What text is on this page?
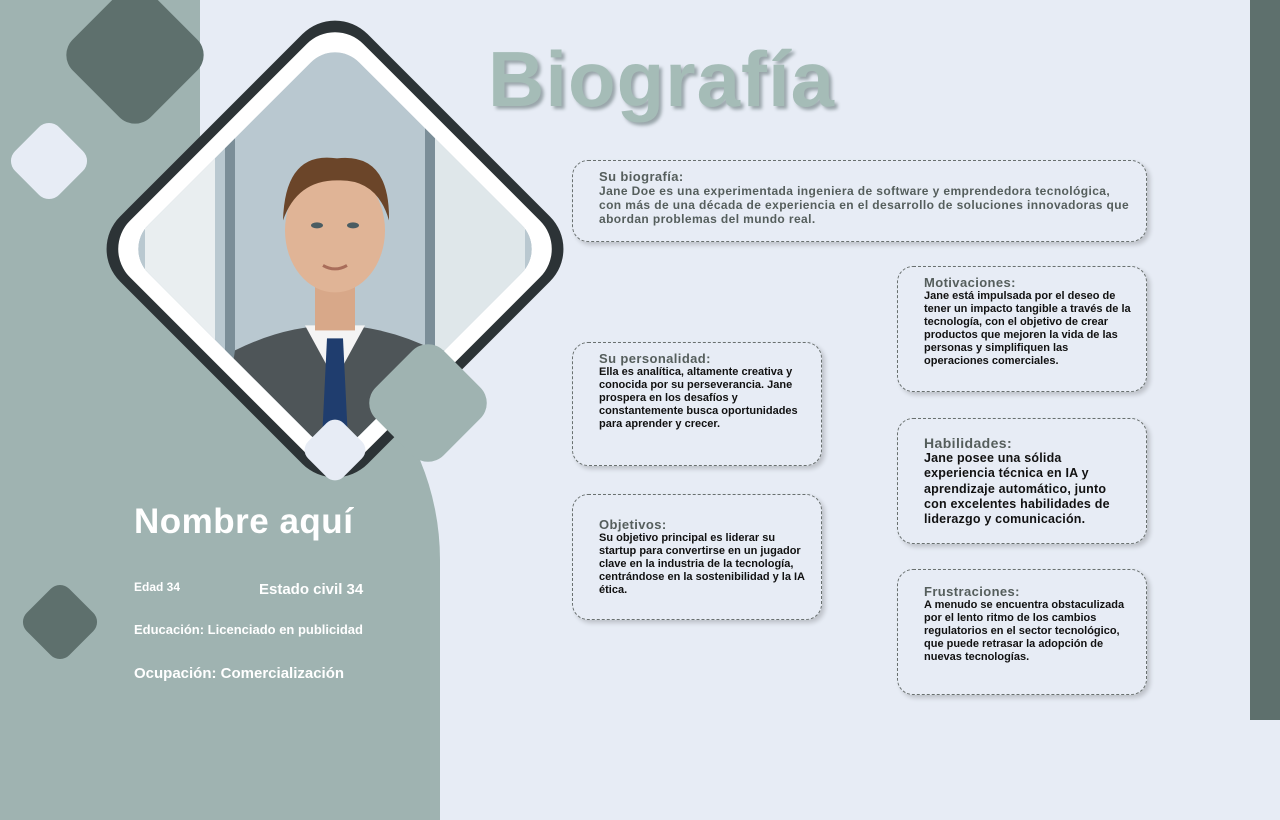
Biografía
Su biografía:

Jane Doe es una experimentada ingeniera de software y emprendedora tecnológica, con más de una década de experiencia en el desarrollo de soluciones innovadoras que abordan problemas del mundo real.

Su personalidad:

Ella es analítica, altamente creativa y conocida por su perseverancia. Jane prospera en los desafíos y constantemente busca oportunidades para aprender y crecer.

Objetivos:

Su objetivo principal es liderar su startup para convertirse en un jugador clave en la industria de la tecnología, centrándose en la sostenibilidad y la IA ética.

Motivaciones:

Jane está impulsada por el deseo de tener un impacto tangible a través de la tecnología, con el objetivo de crear productos que mejoren la vida de las personas y simplifiquen las operaciones comerciales.

Habilidades:

Jane posee una sólida experiencia técnica en IA y aprendizaje automático, junto con excelentes habilidades de liderazgo y comunicación.

Frustraciones:

A menudo se encuentra obstaculizada por el lento ritmo de los cambios regulatorios en el sector tecnológico, que puede retrasar la adopción de nuevas tecnologías.

Nombre aquí

Edad 34	Estado civil 34

Educación: Licenciado en publicidad

Ocupación: Comercialización
